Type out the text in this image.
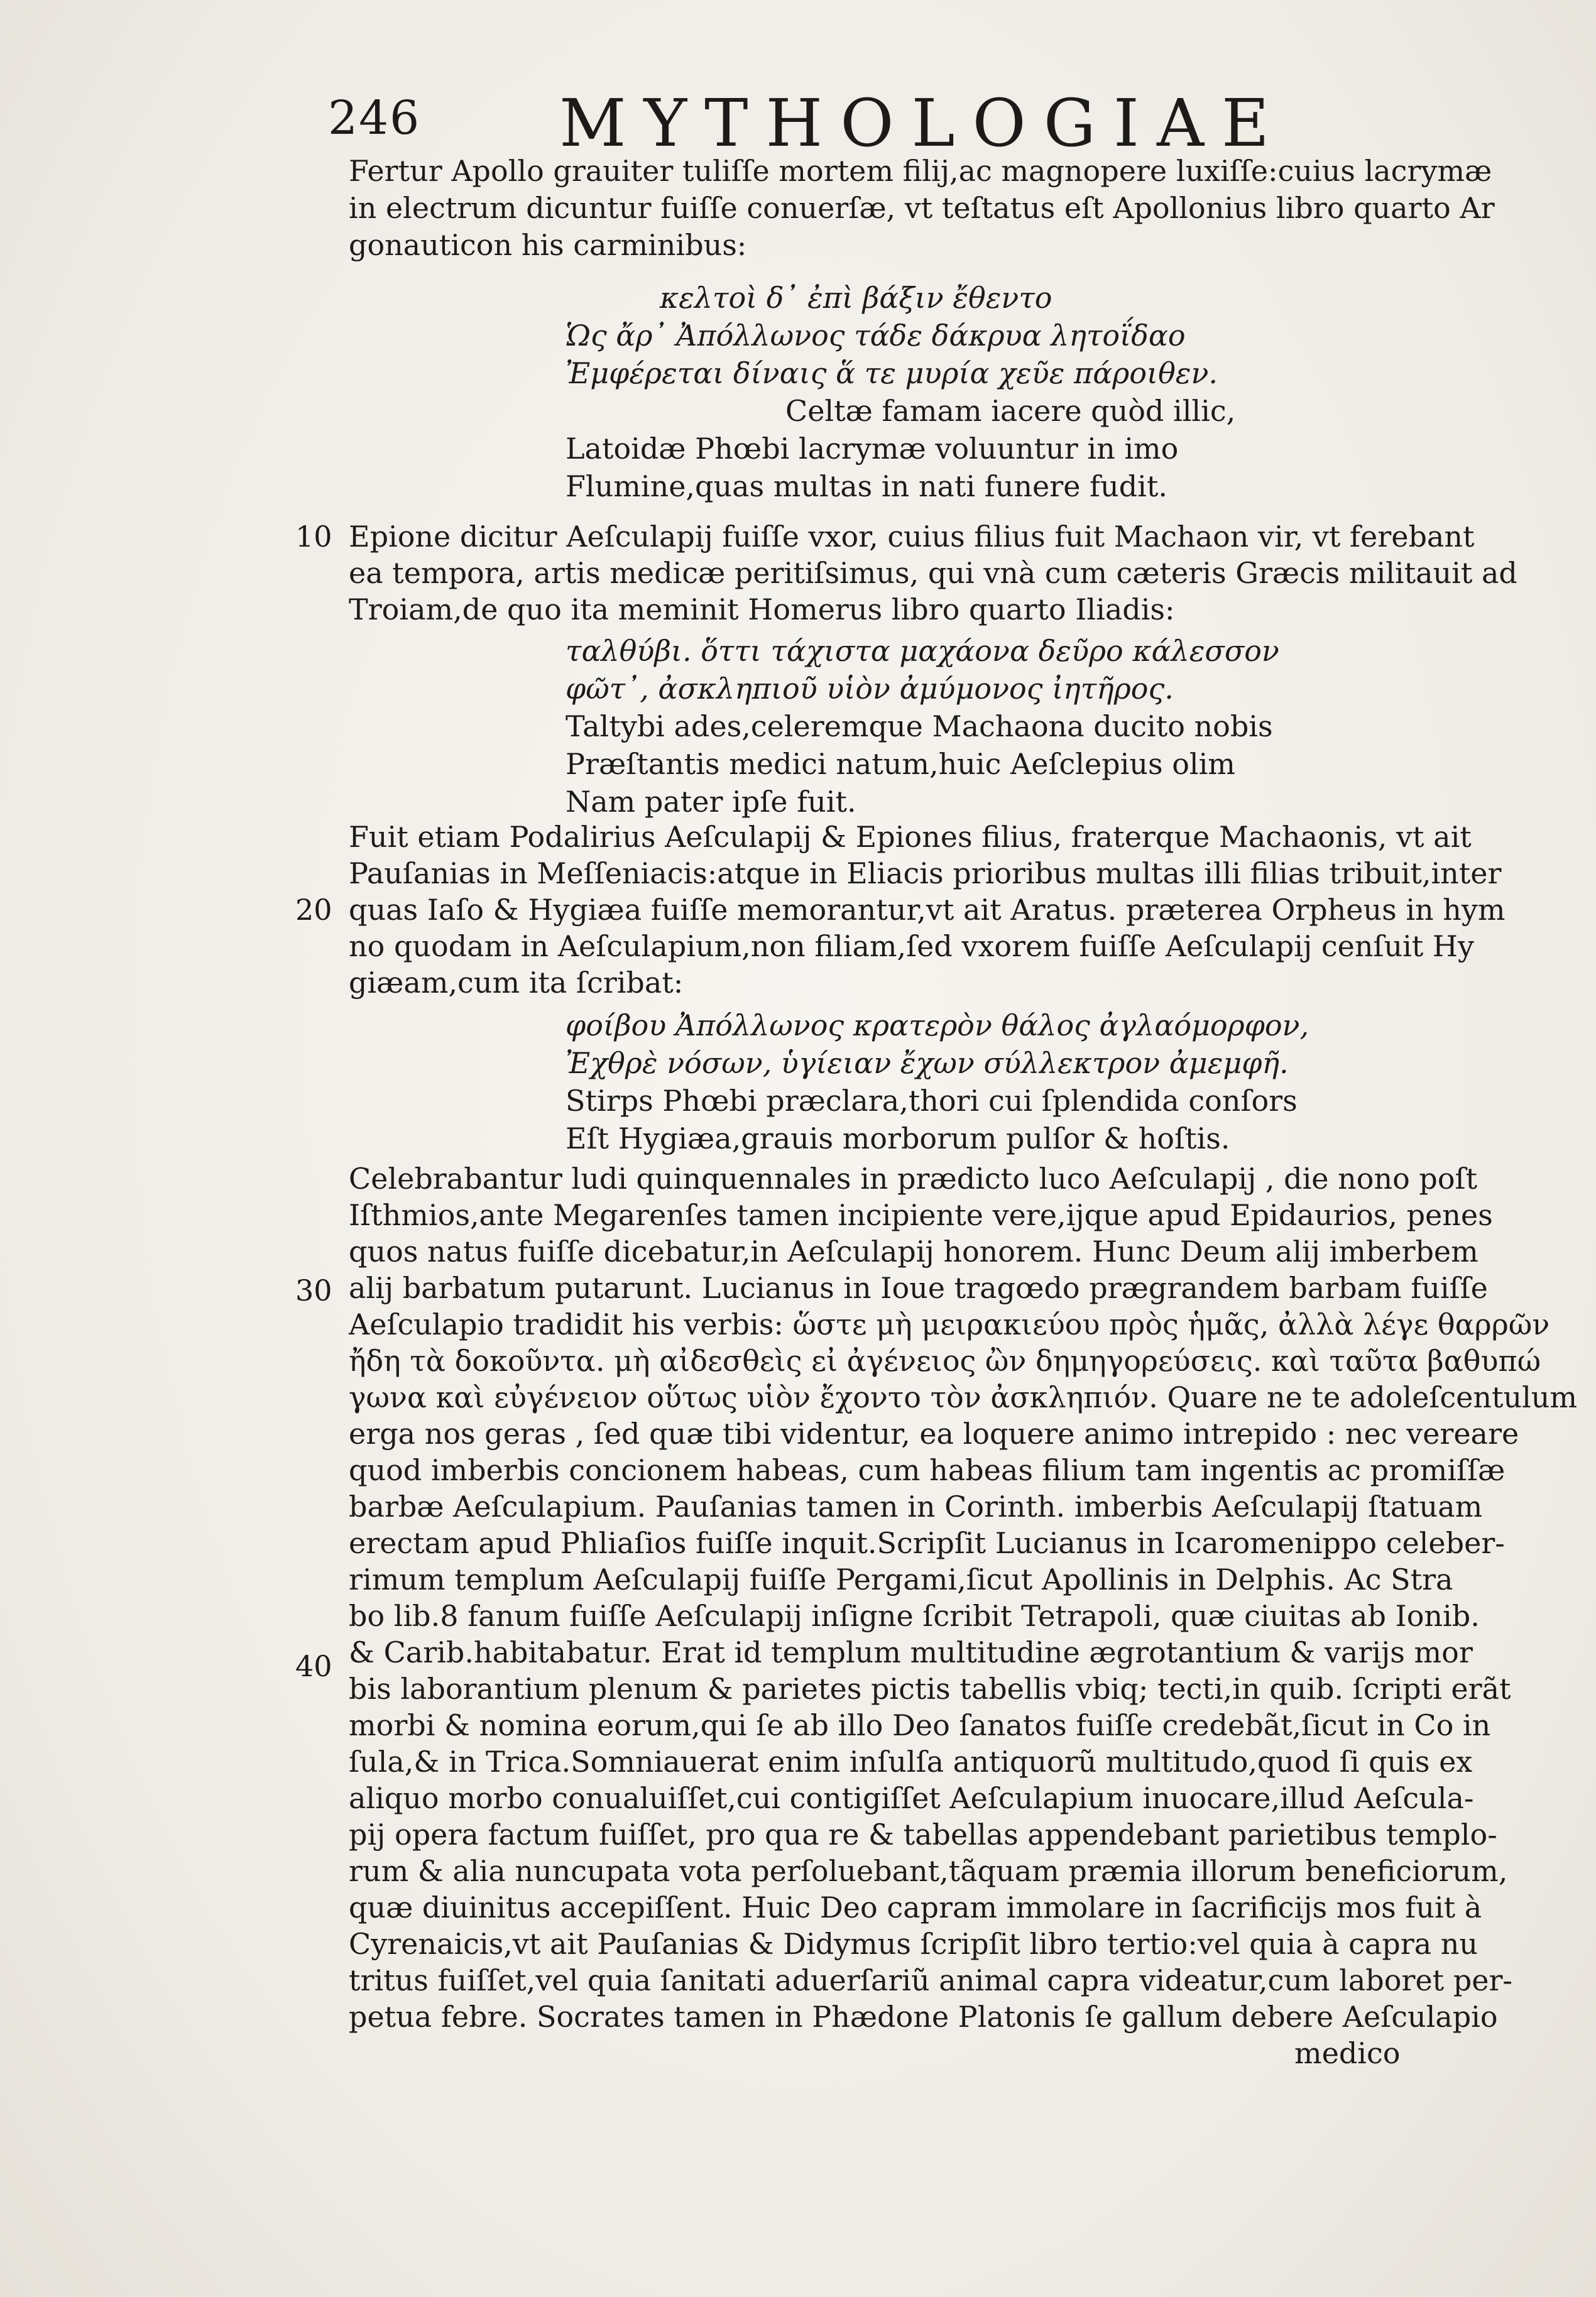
246 MYTHOLOGIAE
10
20
30
40
Fertur Apollo grauiter tuliſſe mortem filij,ac magnopere luxiſſe:cuius lacrymæ
in electrum dicuntur fuiſſe conuerſæ, vt teſtatus eſt Apollonius libro quarto Ar
gonauticon his carminibus:
κελτοὶ δ᾽ ἐπὶ βάξιν ἔθεντο
Ὡς ἄρ᾽ Ἀπόλλωνος τάδε δάκρυα λητοΐδαο
Ἐμφέρεται δίναις ἅ τε μυρία χεῦε πάροιθεν.
Celtæ famam iacere quòd illic,
Latoidæ Phœbi lacrymæ voluuntur in imo
Flumine,quas multas in nati funere fudit.
Epione dicitur Aeſculapij fuiſſe vxor, cuius filius fuit Machaon vir, vt ferebant
ea tempora, artis medicæ peritiſsimus, qui vnà cum cæteris Græcis militauit ad
Troiam,de quo ita meminit Homerus libro quarto Iliadis:
ταλθύβι. ὅττι τάχιστα μαχάονα δεῦρο κάλεσσον
φῶτ᾽, ἀσκληπιοῦ υἱὸν ἀμύμονος ἰητῆρος.
Taltybi ades,celeremque Machaona ducito nobis
Præſtantis medici natum,huic Aeſclepius olim
Nam pater ipſe fuit.
Fuit etiam Podalirius Aeſculapij & Epiones filius, fraterque Machaonis, vt ait
Pauſanias in Meſſeniacis:atque in Eliacis prioribus multas illi filias tribuit,inter
quas Iaſo & Hygiæa fuiſſe memorantur,vt ait Aratus. præterea Orpheus in hym
no quodam in Aeſculapium,non filiam,ſed vxorem fuiſſe Aeſculapij cenſuit Hy
giæam,cum ita ſcribat:
φοίβου Ἀπόλλωνος κρατερὸν θάλος ἀγλαόμορφον,
Ἐχθρὲ νόσων, ὑγίειαν ἔχων σύλλεκτρον ἀμεμφῆ.
Stirps Phœbi præclara,thori cui ſplendida conſors
Eſt Hygiæa,grauis morborum pulſor & hoſtis.
Celebrabantur ludi quinquennales in prædicto luco Aeſculapij , die nono poſt
Iſthmios,ante Megarenſes tamen incipiente vere,ijque apud Epidaurios, penes
quos natus fuiſſe dicebatur,in Aeſculapij honorem. Hunc Deum alij imberbem
alij barbatum putarunt. Lucianus in Ioue tragœdo prægrandem barbam fuiſſe
Aeſculapio tradidit his verbis: ὥστε μὴ μειρακιεύου πρὸς ἡμᾶς, ἀλλὰ λέγε θαρρῶν
ἤδη τὰ δοκοῦντα. μὴ αἰδεσθεὶς εἰ ἀγένειος ὢν δημηγορεύσεις. καὶ ταῦτα βαθυπώ
γωνα καὶ εὐγένειον οὕτως υἱὸν ἔχοντο τὸν ἀσκληπιόν. Quare ne te adoleſcentulum
erga nos geras , ſed quæ tibi videntur, ea loquere animo intrepido : nec vereare
quod imberbis concionem habeas, cum habeas filium tam ingentis ac promiſſæ
barbæ Aeſculapium. Pauſanias tamen in Corinth. imberbis Aeſculapij ſtatuam
erectam apud Phliaſios fuiſſe inquit.Scripſit Lucianus in Icaromenippo celeber-
rimum templum Aeſculapij fuiſſe Pergami,ſicut Apollinis in Delphis. Ac Stra
bo lib.8 fanum fuiſſe Aeſculapij inſigne ſcribit Tetrapoli, quæ ciuitas ab Ionib.
& Carib.habitabatur. Erat id templum multitudine ægrotantium & varijs mor
bis laborantium plenum & parietes pictis tabellis vbiq; tecti,in quib. ſcripti erãt
morbi & nomina eorum,qui ſe ab illo Deo ſanatos fuiſſe credebãt,ſicut in Co in
ſula,& in Trica.Somniauerat enim inſulſa antiquorũ multitudo,quod ſi quis ex
aliquo morbo conualuiſſet,cui contigiſſet Aeſculapium inuocare,illud Aeſcula-
pij opera factum fuiſſet, pro qua re & tabellas appendebant parietibus templo-
rum & alia nuncupata vota perſoluebant,tãquam præmia illorum beneficiorum,
quæ diuinitus accepiſſent. Huic Deo capram immolare in ſacrificijs mos fuit à
Cyrenaicis,vt ait Pauſanias & Didymus ſcripſit libro tertio:vel quia à capra nu
tritus fuiſſet,vel quia ſanitati aduerſariũ animal capra videatur,cum laboret per-
petua febre. Socrates tamen in Phædone Platonis ſe gallum debere Aeſculapio
medico
